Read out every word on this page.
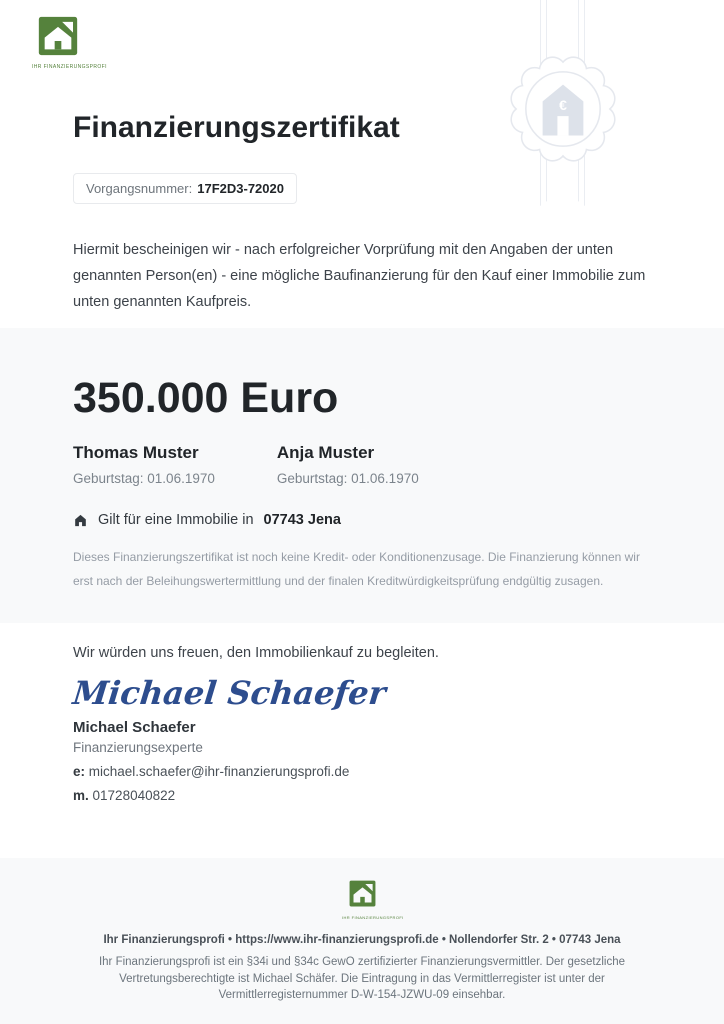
€
IHR FINANZIERUNGSPROFI
Finanzierungszertifikat
Vorgangsnummer: 17F2D3-72020

Hiermit bescheinigen wir - nach erfolgreicher Vorprüfung mit den Angaben der unten genannten Person(en) - eine mögliche Baufinanzierung für den Kauf einer Immobilie zum unten genannten Kaufpreis.

350.000 Euro
Thomas Muster
Geburtstag: 01.06.1970
Anja Muster
Geburtstag: 01.06.1970
Gilt für eine Immobilie in 07743 Jena

Dieses Finanzierungszertifikat ist noch keine Kredit- oder Konditionenzusage. Die Finanzierung können wir erst nach der Beleihungswertermittlung und der finalen Kreditwürdigkeitsprüfung endgültig zusagen.

Wir würden uns freuen, den Immobilienkauf zu begleiten.

Michael Schaefer
Michael Schaefer
Finanzierungsexperte
e: michael.schaefer@ihr-finanzierungsprofi.de
m. 01728040822
IHR FINANZIERUNGSPROFI
Ihr Finanzierungsprofi • https://www.ihr-finanzierungsprofi.de • Nollendorfer Str. 2 • 07743 Jena

Ihr Finanzierungsprofi ist ein §34i und §34c GewO zertifizierter Finanzierungsvermittler. Der gesetzliche Vertretungsberechtigte ist Michael Schäfer. Die Eintragung in das Vermittlerregister ist unter der Vermittlerregisternummer D-W-154-JZWU-09 einsehbar.
